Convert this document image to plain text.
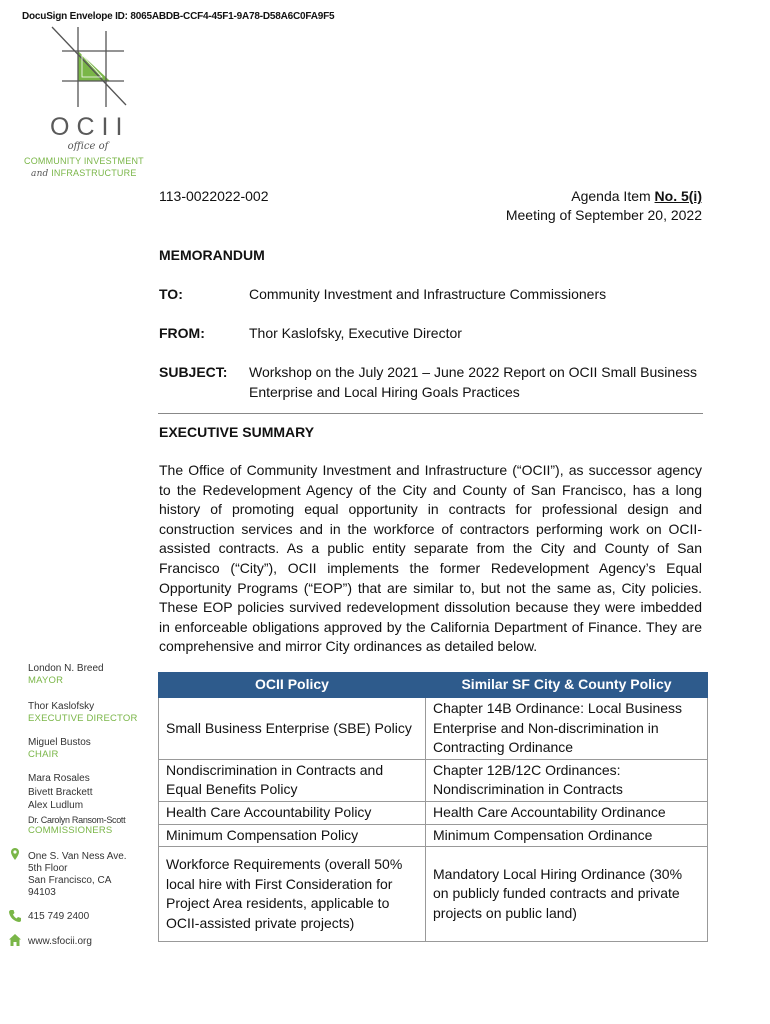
DocuSign Envelope ID: 8065ABDB-CCF4-45F1-9A78-D58A6C0FA9F5
OCII
office of
COMMUNITY INVESTMENT
and INFRASTRUCTURE
113-0022022-002	Agenda Item No. 5(i)
Meeting of September 20, 2022
MEMORANDUM
TO:	Community Investment and Infrastructure Commissioners
FROM:	Thor Kaslofsky, Executive Director
SUBJECT: Workshop on the July 2021 – June 2022 Report on OCII Small Business Enterprise and Local Hiring Goals Practices
EXECUTIVE SUMMARY
The Office of Community Investment and Infrastructure (“OCII”), as successor agency to the Redevelopment Agency of the City and County of San Francisco, has a long history of promoting equal opportunity in contracts for professional design and construction services and in the workforce of contractors performing work on OCII-assisted contracts. As a public entity separate from the City and County of San Francisco (“City”), OCII implements the former Redevelopment Agency’s Equal Opportunity Programs (“EOP”) that are similar to, but not the same as, City policies. These EOP policies survived redevelopment dissolution because they were imbedded in enforceable obligations approved by the California Department of Finance. They are comprehensive and mirror City ordinances as detailed below.
OCII Policy	Similar SF City & County Policy
Small Business Enterprise (SBE) Policy	Chapter 14B Ordinance: Local Business Enterprise and Non-discrimination in Contracting Ordinance
Nondiscrimination in Contracts and Equal Benefits Policy	Chapter 12B/12C Ordinances: Nondiscrimination in Contracts
Health Care Accountability Policy	Health Care Accountability Ordinance
Minimum Compensation Policy	Minimum Compensation Ordinance
Workforce Requirements (overall 50% local hire with First Consideration for Project Area residents, applicable to OCII-assisted private projects)	Mandatory Local Hiring Ordinance (30% on publicly funded contracts and private projects on public land)
London N. Breed
MAYOR
Thor Kaslofsky
EXECUTIVE DIRECTOR
Miguel Bustos
CHAIR
Mara Rosales
Bivett Brackett
Alex Ludlum
Dr. Carolyn Ransom-Scott
COMMISSIONERS
One S. Van Ness Ave.
5th Floor
San Francisco, CA
94103
415 749 2400
www.sfocii.org
